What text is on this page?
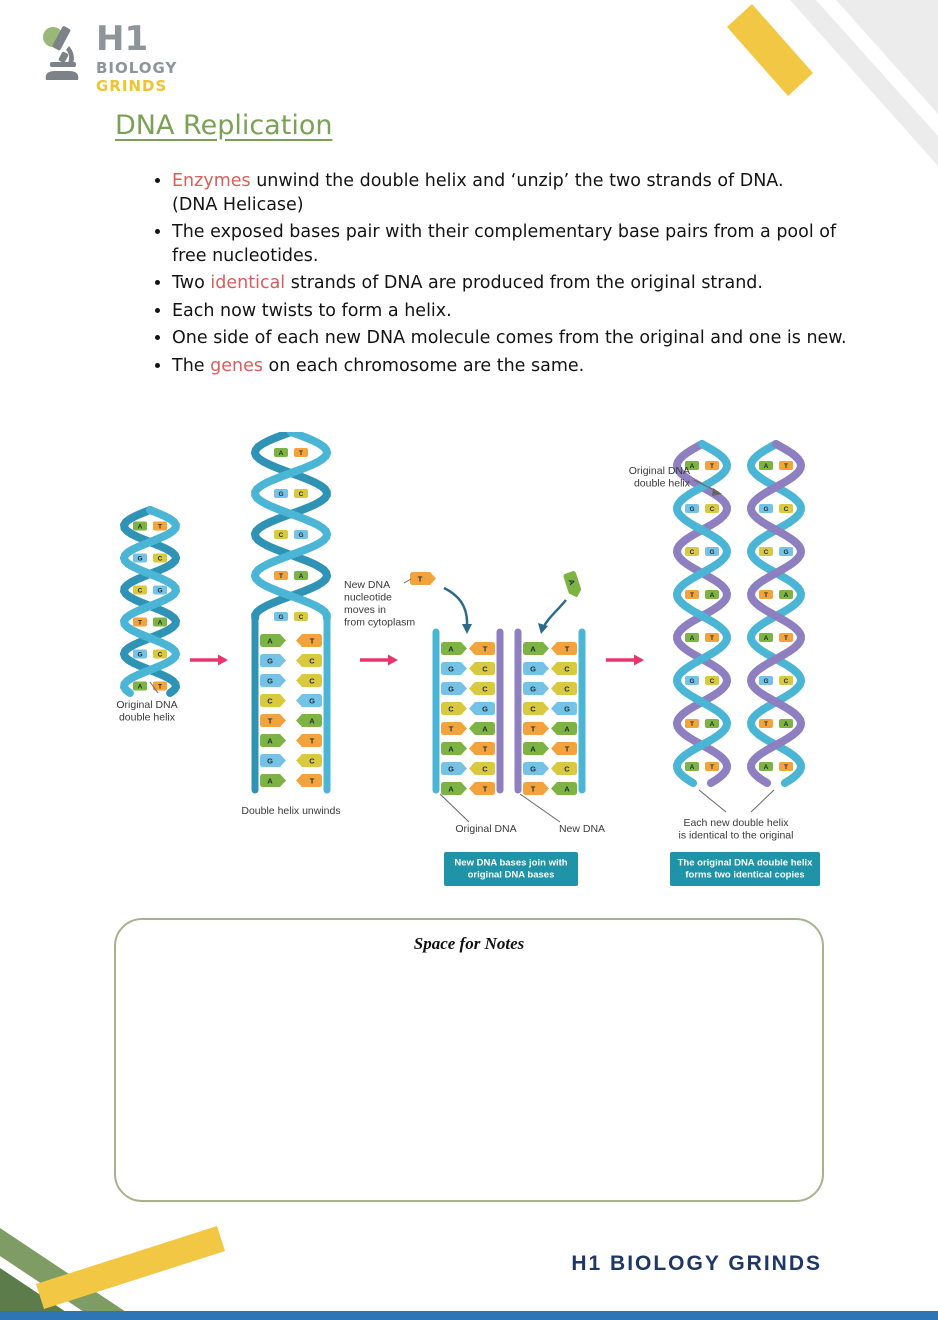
H1
BIOLOGY
GRINDS
DNA Replication
• Enzymes unwind the double helix and ‘unzip’ the two strands of DNA.
(DNA Helicase)
• The exposed bases pair with their complementary base pairs from a pool of free nucleotides.
• Two identical strands of DNA are produced from the original strand.
• Each now twists to form a helix.
• One side of each new DNA molecule comes from the original and one is new.
• The genes on each chromosome are the same.
A T
G C
C G
T A
G C
A T
Original DNA double helix
A T
G C
C G
T A
G C
A	T
G	C
G	C
C	G
T	A
A	T
G	C
A	T
Double helix unwinds
A	T
G	C
G	C
C	G
T	A
A	T
G	C
A	T
A	T
G	C
G	C
C	G
T	A
A	T
G	C
T	A
T	A
New DNA nucleotide moves in from cytoplasm
Original DNA	New DNA
New DNA bases join with original DNA bases
A T
G C
C G
T A
A T
G C
T A
A T
A T
G C
C G
T A
A T
G C
T A
A T
Original DNA double helix
Each new double helix is identical to the original
The original DNA double helix forms two identical copies
Space for Notes
H1 BIOLOGY GRINDS
